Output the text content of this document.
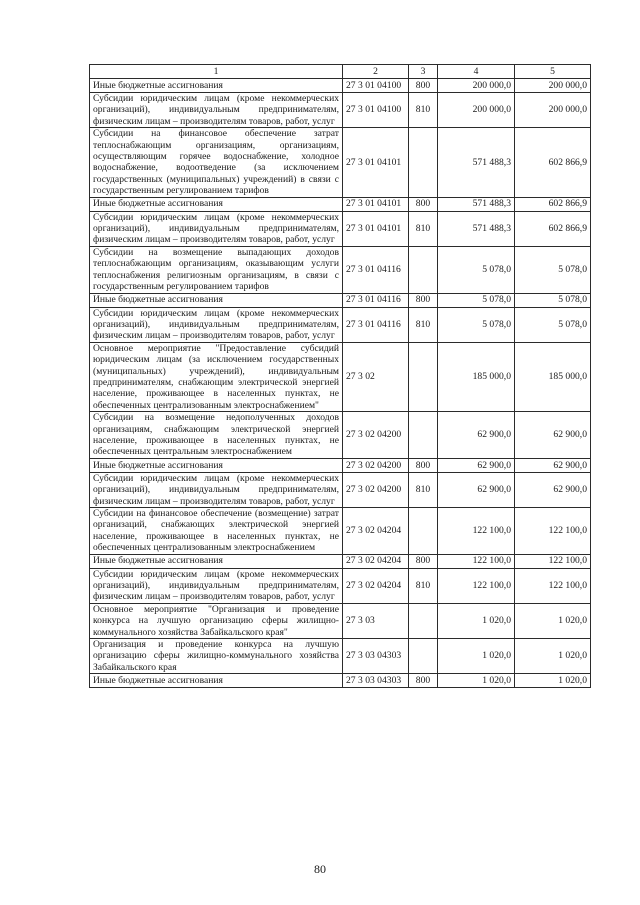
1	2	3	4	5
Иные бюджетные ассигнования	27 3 01 04100	800	200 000,0	200 000,0
Субсидии юридическим лицам (кроме некоммерческих организаций), индивидуальным предпринимателям, физическим лицам – производителям товаров, работ, услуг	27 3 01 04100	810	200 000,0	200 000,0
Субсидии на финансовое обеспечение затрат теплоснабжающим организациям, организациям, осуществляющим горячее водоснабжение, холодное водоснабжение, водоотведение (за исключением государственных (муниципальных) учреждений) в связи с государственным регулированием тарифов	27 3 01 04101		571 488,3	602 866,9
Иные бюджетные ассигнования	27 3 01 04101	800	571 488,3	602 866,9
Субсидии юридическим лицам (кроме некоммерческих организаций), индивидуальным предпринимателям, физическим лицам – производителям товаров, работ, услуг	27 3 01 04101	810	571 488,3	602 866,9
Субсидии на возмещение выпадающих доходов теплоснабжающим организациям, оказывающим услуги теплоснабжения религиозным организациям, в связи с государственным регулированием тарифов	27 3 01 04116		5 078,0	5 078,0
Иные бюджетные ассигнования	27 3 01 04116	800	5 078,0	5 078,0
Субсидии юридическим лицам (кроме некоммерческих организаций), индивидуальным предпринимателям, физическим лицам – производителям товаров, работ, услуг	27 3 01 04116	810	5 078,0	5 078,0
Основное мероприятие "Предоставление субсидий юридическим лицам (за исключением государственных (муниципальных) учреждений), индивидуальным предпринимателям, снабжающим электрической энергией население, проживающее в населенных пунктах, не обеспеченных централизованным электроснабжением"	27 3 02		185 000,0	185 000,0
Субсидии на возмещение недополученных доходов организациям, снабжающим электрической энергией население, проживающее в населенных пунктах, не обеспеченных центральным электроснабжением	27 3 02 04200		62 900,0	62 900,0
Иные бюджетные ассигнования	27 3 02 04200	800	62 900,0	62 900,0
Субсидии юридическим лицам (кроме некоммерческих организаций), индивидуальным предпринимателям, физическим лицам – производителям товаров, работ, услуг	27 3 02 04200	810	62 900,0	62 900,0
Субсидии на финансовое обеспечение (возмещение) затрат организаций, снабжающих электрической энергией население, проживающее в населенных пунктах, не обеспеченных централизованным электроснабжением	27 3 02 04204		122 100,0	122 100,0
Иные бюджетные ассигнования	27 3 02 04204	800	122 100,0	122 100,0
Субсидии юридическим лицам (кроме некоммерческих организаций), индивидуальным предпринимателям, физическим лицам – производителям товаров, работ, услуг	27 3 02 04204	810	122 100,0	122 100,0
Основное мероприятие "Организация и проведение конкурса на лучшую организацию сферы жилищно-коммунального хозяйства Забайкальского края"	27 3 03		1 020,0	1 020,0
Организация и проведение конкурса на лучшую организацию сферы жилищно-коммунального хозяйства Забайкальского края	27 3 03 04303		1 020,0	1 020,0
Иные бюджетные ассигнования	27 3 03 04303	800	1 020,0	1 020,0
80
